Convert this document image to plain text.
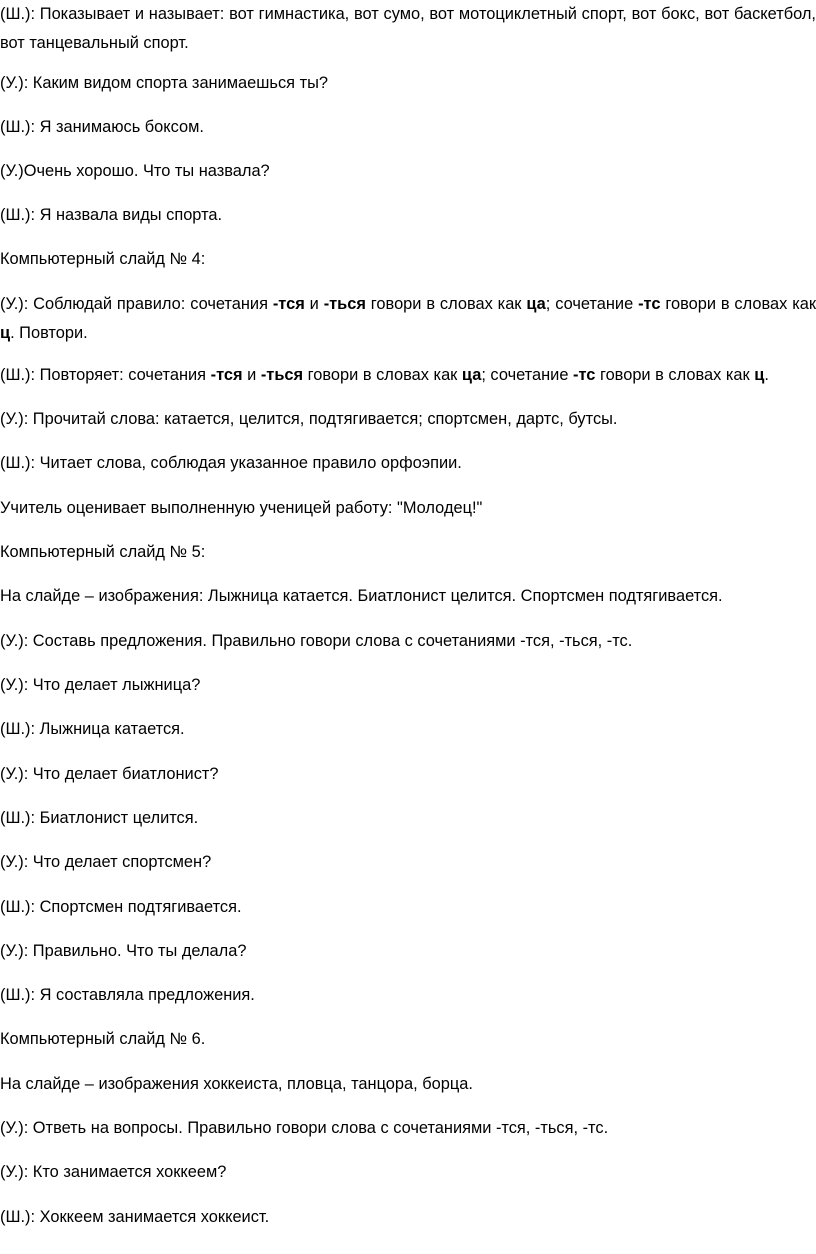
(Ш.): Показывает и называет: вот гимнастика, вот сумо, вот мотоциклетный спорт, вот бокс, вот баскетбол, вот танцевальный спорт.

(У.): Каким видом спорта занимаешься ты?

(Ш.): Я занимаюсь боксом.

(У.)Очень хорошо. Что ты назвала?

(Ш.): Я назвала виды спорта.

Компьютерный слайд № 4:

(У.): Соблюдай правило: сочетания -тся и -ться говори в словах как ца; сочетание -тс говори в словах как ц. Повтори.

(Ш.): Повторяет: сочетания -тся и -ться говори в словах как ца; сочетание -тс говори в словах как ц.

(У.): Прочитай слова: катается, целится, подтягивается; спортсмен, дартс, бутсы.

(Ш.): Читает слова, соблюдая указанное правило орфоэпии.

Учитель оценивает выполненную ученицей работу: "Молодец!"

Компьютерный слайд № 5:

На слайде – изображения: Лыжница катается. Биатлонист целится. Спортсмен подтягивается.

(У.): Составь предложения. Правильно говори слова с сочетаниями -тся, -ться, -тс.

(У.): Что делает лыжница?

(Ш.): Лыжница катается.

(У.): Что делает биатлонист?

(Ш.): Биатлонист целится.

(У.): Что делает спортсмен?

(Ш.): Спортсмен подтягивается.

(У.): Правильно. Что ты делала?

(Ш.): Я составляла предложения.

Компьютерный слайд № 6.

На слайде – изображения хоккеиста, пловца, танцора, борца.

(У.): Ответь на вопросы. Правильно говори слова с сочетаниями -тся, -ться, -тс.

(У.): Кто занимается хоккеем?

(Ш.): Хоккеем занимается хоккеист.
